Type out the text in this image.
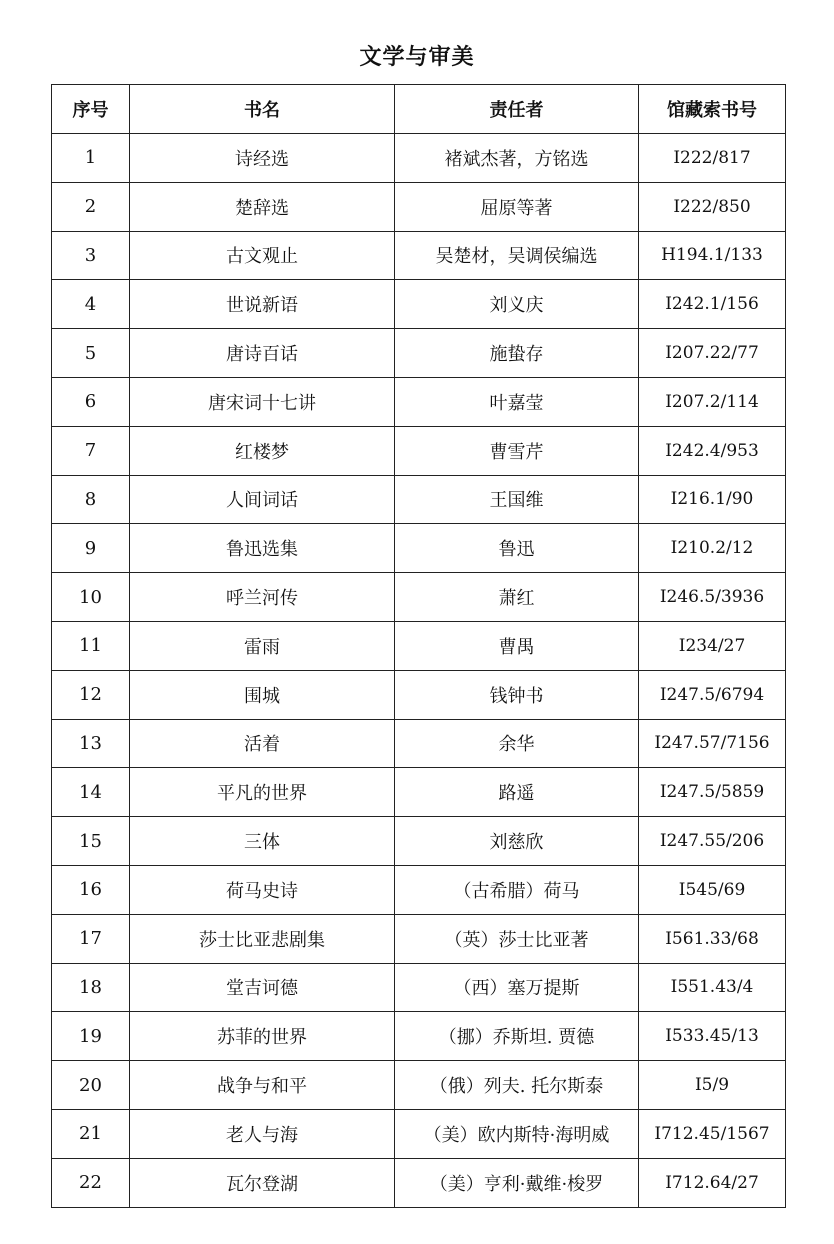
文学与审美
序号	书名	责任者	馆藏索书号
1	诗经选	褚斌杰著，方铭选	I222/817
2	楚辞选	屈原等著	I222/850
3	古文观止	吴楚材，吴调侯编选	H194.1/133
4	世说新语	刘义庆	I242.1/156
5	唐诗百话	施蛰存	I207.22/77
6	唐宋词十七讲	叶嘉莹	I207.2/114
7	红楼梦	曹雪芹	I242.4/953
8	人间词话	王国维	I216.1/90
9	鲁迅选集	鲁迅	I210.2/12
10	呼兰河传	萧红	I246.5/3936
11	雷雨	曹禺	I234/27
12	围城	钱钟书	I247.5/6794
13	活着	余华	I247.57/7156
14	平凡的世界	路遥	I247.5/5859
15	三体	刘慈欣	I247.55/206
16	荷马史诗	（古希腊）荷马	I545/69
17	莎士比亚悲剧集	（英）莎士比亚著	I561.33/68
18	堂吉诃德	（西）塞万提斯	I551.43/4
19	苏菲的世界	（挪）乔斯坦. 贾德	I533.45/13
20	战争与和平	（俄）列夫. 托尔斯泰	I5/9
21	老人与海	（美）欧内斯特·海明威	I712.45/1567
22	瓦尔登湖	（美）亨利·戴维·梭罗	I712.64/27
